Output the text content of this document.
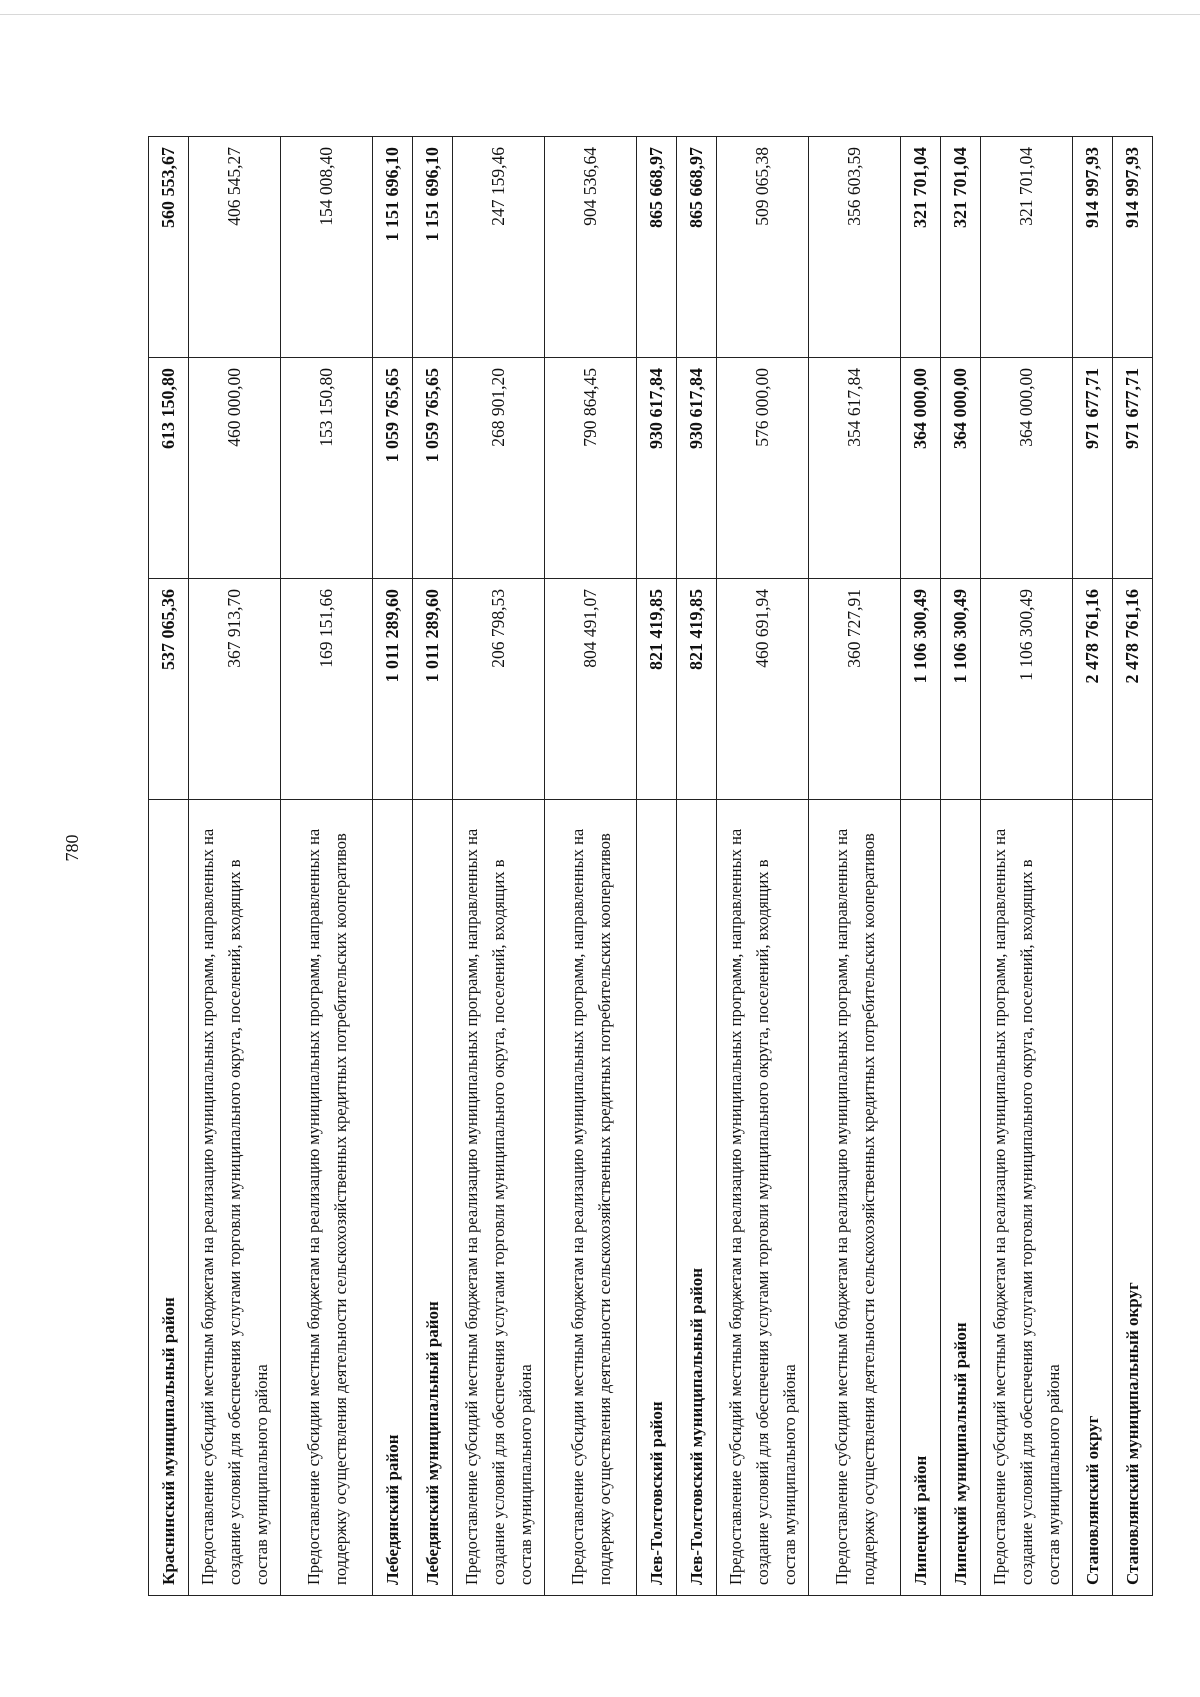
780
Краснинский муниципальный район	537 065,36	613 150,80	560 553,67
Предоставление субсидий местным бюджетам на реализацию муниципальных программ, направленных на создание условий для обеспечения услугами торговли муниципального округа, поселений, входящих в состав муниципального района	367 913,70	460 000,00	406 545,27
Предоставление субсидии местным бюджетам на реализацию муниципальных программ, направленных на поддержку осуществления деятельности сельскохозяйственных кредитных потребительских кооперативов	169 151,66	153 150,80	154 008,40
Лебедянский район	1 011 289,60	1 059 765,65	1 151 696,10
Лебедянский муниципальный район	1 011 289,60	1 059 765,65	1 151 696,10
Предоставление субсидий местным бюджетам на реализацию муниципальных программ, направленных на создание условий для обеспечения услугами торговли муниципального округа, поселений, входящих в состав муниципального района	206 798,53	268 901,20	247 159,46
Предоставление субсидии местным бюджетам на реализацию муниципальных программ, направленных на поддержку осуществления деятельности сельскохозяйственных кредитных потребительских кооперативов	804 491,07	790 864,45	904 536,64
Лев-Толстовский район	821 419,85	930 617,84	865 668,97
Лев-Толстовский муниципальный район	821 419,85	930 617,84	865 668,97
Предоставление субсидий местным бюджетам на реализацию муниципальных программ, направленных на создание условий для обеспечения услугами торговли муниципального округа, поселений, входящих в состав муниципального района	460 691,94	576 000,00	509 065,38
Предоставление субсидии местным бюджетам на реализацию муниципальных программ, направленных на поддержку осуществления деятельности сельскохозяйственных кредитных потребительских кооперативов	360 727,91	354 617,84	356 603,59
Липецкий район	1 106 300,49	364 000,00	321 701,04
Липецкий муниципальный район	1 106 300,49	364 000,00	321 701,04
Предоставление субсидий местным бюджетам на реализацию муниципальных программ, направленных на создание условий для обеспечения услугами торговли муниципального округа, поселений, входящих в состав муниципального района	1 106 300,49	364 000,00	321 701,04
Становлянский округ	2 478 761,16	971 677,71	914 997,93
Становлянский муниципальный округ	2 478 761,16	971 677,71	914 997,93
